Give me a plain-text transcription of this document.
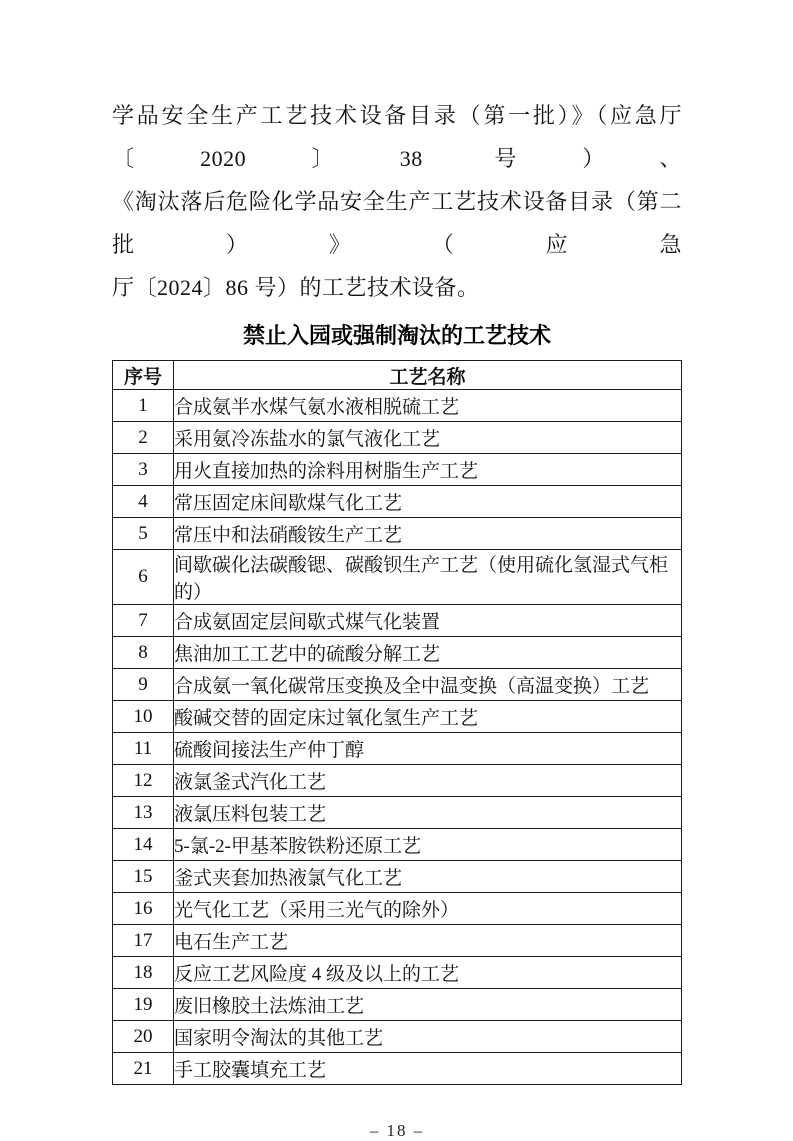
学品安全生产工艺技术设备目录（第一批）》（应急厅〔2020〕38 号）、
《淘汰落后危险化学品安全生产工艺技术设备目录（第二批）》（应急
厅〔2024〕86 号）的工艺技术设备。

禁止入园或强制淘汰的工艺技术
序号	工艺名称
1	合成氨半水煤气氨水液相脱硫工艺
2	采用氨冷冻盐水的氯气液化工艺
3	用火直接加热的涂料用树脂生产工艺
4	常压固定床间歇煤气化工艺
5	常压中和法硝酸铵生产工艺
6	间歇碳化法碳酸锶、碳酸钡生产工艺（使用硫化氢湿式气柜的）
7	合成氨固定层间歇式煤气化装置
8	焦油加工工艺中的硫酸分解工艺
9	合成氨一氧化碳常压变换及全中温变换（高温变换）工艺
10	酸碱交替的固定床过氧化氢生产工艺
11	硫酸间接法生产仲丁醇
12	液氯釜式汽化工艺
13	液氯压料包装工艺
14	5-氯-2-甲基苯胺铁粉还原工艺
15	釜式夹套加热液氯气化工艺
16	光气化工艺（采用三光气的除外）
17	电石生产工艺
18	反应工艺风险度 4 级及以上的工艺
19	废旧橡胶土法炼油工艺
20	国家明令淘汰的其他工艺
21	手工胶囊填充工艺
– 18 –
